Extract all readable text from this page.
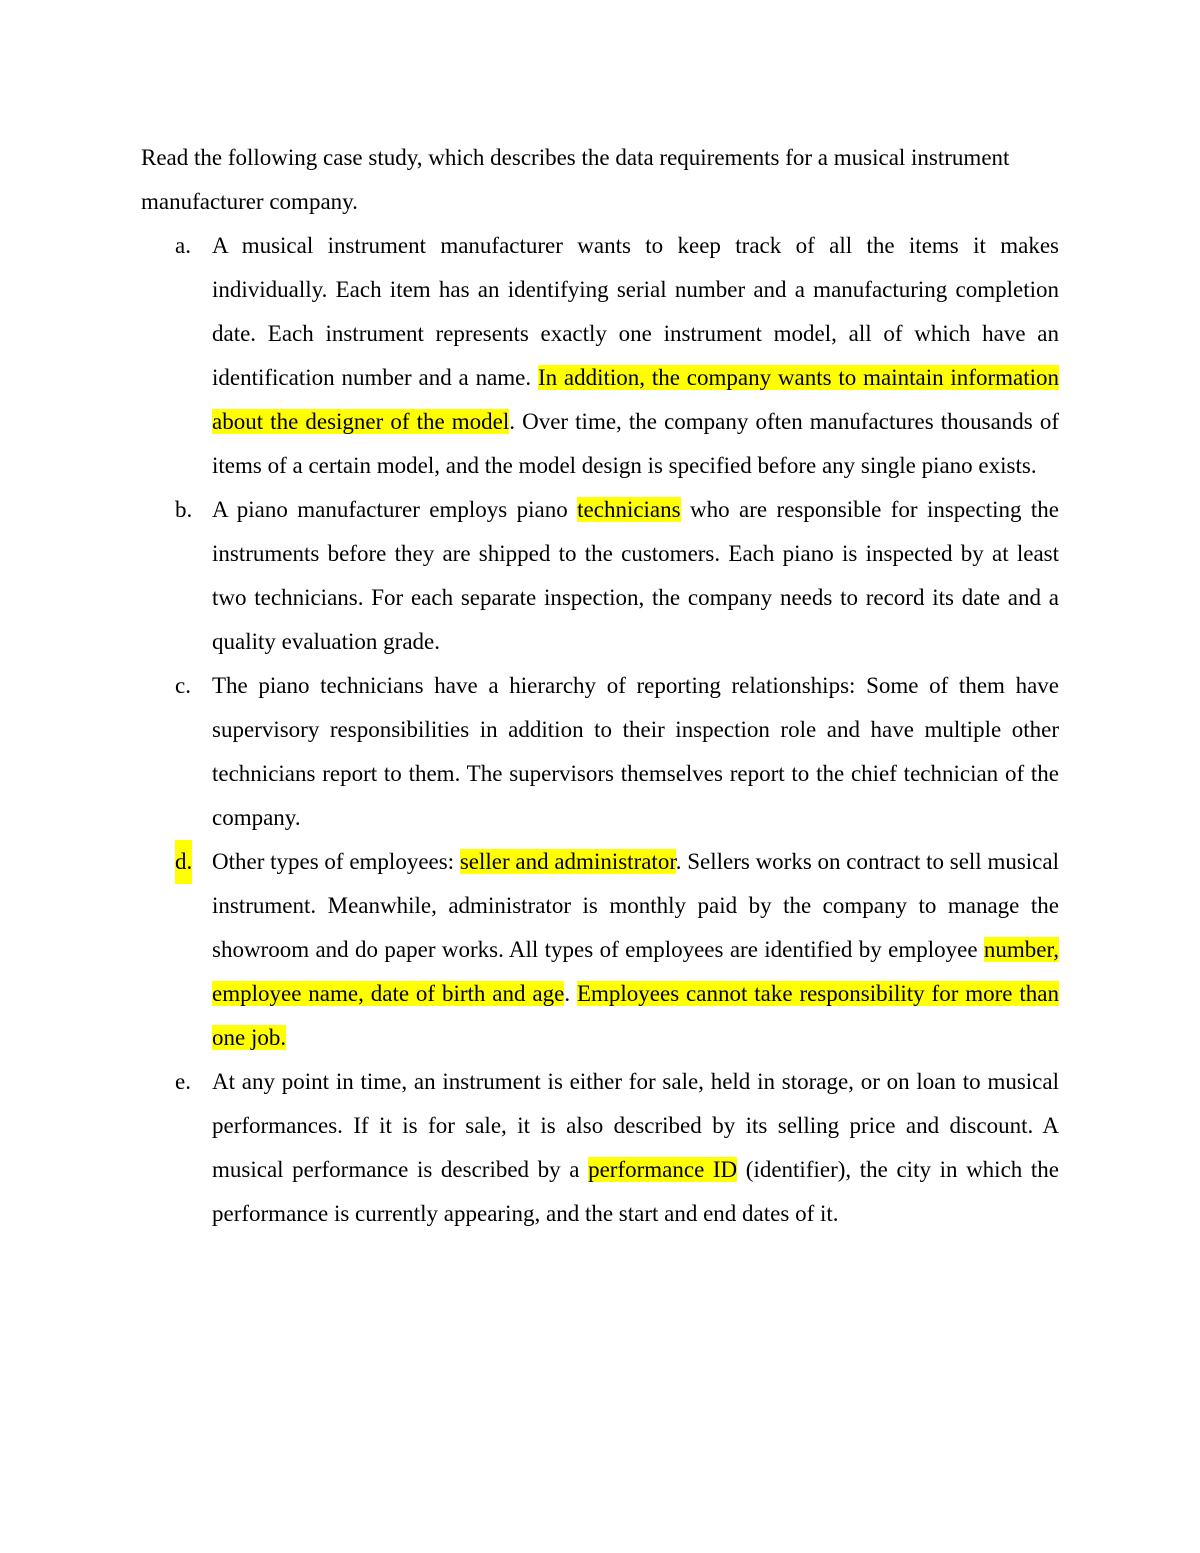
Read the following case study, which describes the data requirements for a musical instrument manufacturer company.

a. A musical instrument manufacturer wants to keep track of all the items it makes individually. Each item has an identifying serial number and a manufacturing completion date. Each instrument represents exactly one instrument model, all of which have an identification number and a name. In addition, the company wants to maintain information about the designer of the model. Over time, the company often manufactures thousands of items of a certain model, and the model design is specified before any single piano exists.
b. A piano manufacturer employs piano technicians who are responsible for inspecting the instruments before they are shipped to the customers. Each piano is inspected by at least two technicians. For each separate inspection, the company needs to record its date and a quality evaluation grade.
c. The piano technicians have a hierarchy of reporting relationships: Some of them have supervisory responsibilities in addition to their inspection role and have multiple other technicians report to them. The supervisors themselves report to the chief technician of the company.
d. Other types of employees: seller and administrator. Sellers works on contract to sell musical instrument. Meanwhile, administrator is monthly paid by the company to manage the showroom and do paper works. All types of employees are identified by employee number, employee name, date of birth and age. Employees cannot take responsibility for more than one job.
e. At any point in time, an instrument is either for sale, held in storage, or on loan to musical performances. If it is for sale, it is also described by its selling price and discount. A musical performance is described by a performance ID (identifier), the city in which the performance is currently appearing, and the start and end dates of it.
